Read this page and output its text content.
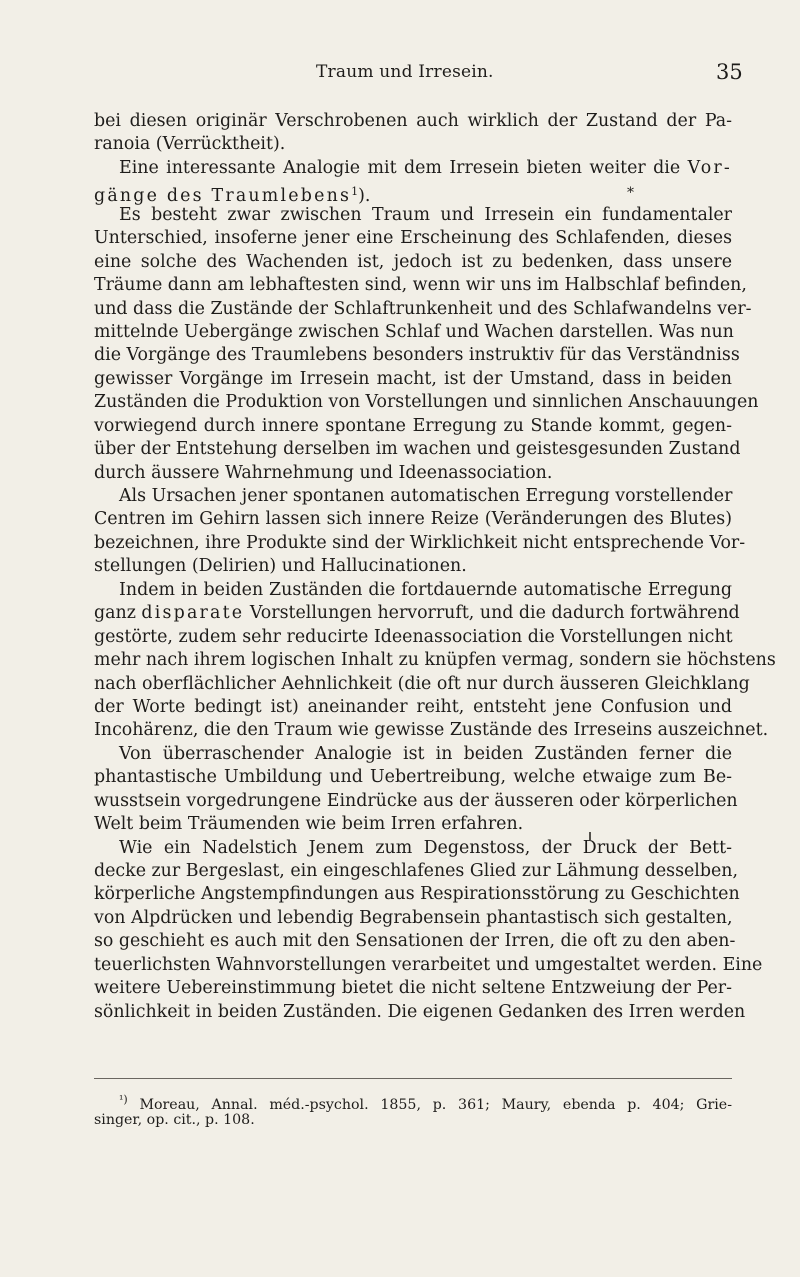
Traum und Irresein.	35
*
bei diesen originär Verschrobenen auch wirklich der Zustand der Pa-
ranoia (Verrücktheit).
Eine interessante Analogie mit dem Irresein bieten weiter die Vor-
gänge des Traumlebens$^1$).
Es besteht zwar zwischen Traum und Irresein ein fundamentaler
Unterschied, insoferne jener eine Erscheinung des Schlafenden, dieses
eine solche des Wachenden ist, jedoch ist zu bedenken, dass unsere
Träume dann am lebhaftesten sind, wenn wir uns im Halbschlaf befinden,
und dass die Zustände der Schlaftrunkenheit und des Schlafwandelns ver-
mittelnde Uebergänge zwischen Schlaf und Wachen darstellen. Was nun
die Vorgänge des Traumlebens besonders instruktiv für das Verständniss
gewisser Vorgänge im Irresein macht, ist der Umstand, dass in beiden
Zuständen die Produktion von Vorstellungen und sinnlichen Anschauungen
vorwiegend durch innere spontane Erregung zu Stande kommt, gegen-
über der Entstehung derselben im wachen und geistesgesunden Zustand
durch äussere Wahrnehmung und Ideenassociation.
Als Ursachen jener spontanen automatischen Erregung vorstellender
Centren im Gehirn lassen sich innere Reize (Veränderungen des Blutes)
bezeichnen, ihre Produkte sind der Wirklichkeit nicht entsprechende Vor-
stellungen (Delirien) und Hallucinationen.
Indem in beiden Zuständen die fortdauernde automatische Erregung
ganz disparate Vorstellungen hervorruft, und die dadurch fortwährend
gestörte, zudem sehr reducirte Ideenassociation die Vorstellungen nicht
mehr nach ihrem logischen Inhalt zu knüpfen vermag, sondern sie höchstens
nach oberflächlicher Aehnlichkeit (die oft nur durch äusseren Gleichklang
der Worte bedingt ist) aneinander reiht, entsteht jene Confusion und
Incohärenz, die den Traum wie gewisse Zustände des Irreseins auszeichnet.
Von überraschender Analogie ist in beiden Zuständen ferner die
phantastische Umbildung und Uebertreibung, welche etwaige zum Be-
wusstsein vorgedrungene Eindrücke aus der äusseren oder körperlichen
Welt beim Träumenden wie beim Irren erfahren.
Wie ein Nadelstich Jenem zum Degenstoss, der Druck der Bett-
decke zur Bergeslast, ein eingeschlafenes Glied zur Lähmung desselben,
körperliche Angstempfindungen aus Respirationsstörung zu Geschichten
von Alpdrücken und lebendig Begrabensein phantastisch sich gestalten,
so geschieht es auch mit den Sensationen der Irren, die oft zu den aben-
teuerlichsten Wahnvorstellungen verarbeitet und umgestaltet werden. Eine
weitere Uebereinstimmung bietet die nicht seltene Entzweiung der Per-
sönlichkeit in beiden Zuständen. Die eigenen Gedanken des Irren werden
$^{^1)}$ Moreau, Annal. méd.-psychol. 1855, p. 361; Maury, ebenda p. 404; Grie-
singer, op. cit., p. 108.
